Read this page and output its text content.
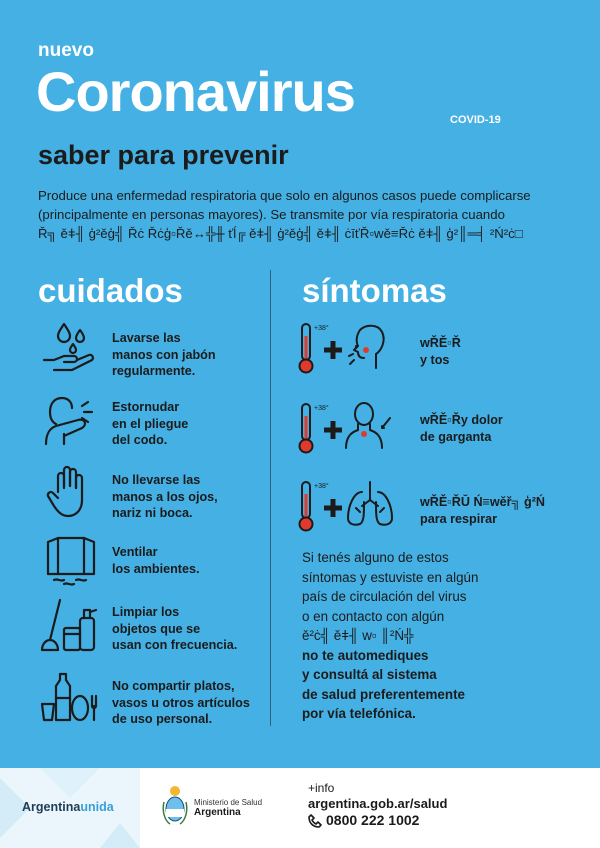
nuevo
Coronavirus	COVID-19
saber para prevenir
Produce una enfermedad respiratoria que solo en algunos casos puede complicarse
(principalmente en personas mayores). Se transmite por vía respiratoria cuando
Ř╗ ěǂ╢ ģ²ěģ╣ Řċ Řċģ▫Řě↔╬╫ ťĺ╔ ěǂ╢ ģ²ěģ╣ ěǂ╢ ċīťŘ▫wě≡Řċ ěǂ╢ ģ²║═╡ ²Ń²ċ□
cuidados	síntomas
Lavarse las
manos con jabón
regularmente.
Estornudar
en el pliegue
del codo.
No llevarse las
manos a los ojos,
nariz ni boca.
Ventilar
los ambientes.
Limpiar los
objetos que se
usan con frecuencia.
No compartir platos,
vasos u otros artículos
de uso personal.
+38°
wŘĚ▫Ř
y tos
+38°
wŘĚ▫Řy dolor
de garganta
+38°
wŘĚ▫ŘŬ Ń≡wěř╗ ģ²Ń
para respirar
Si tenés alguno de estos
síntomas y estuviste en algún
país de circulación del virus
o en contacto con algún
ě²ċ╣ ěǂ╢ w▫ ║²Ń╬
no te automediques
y consultá al sistema
de salud preferentemente
por vía telefónica.
Argentinaunida	Ministerio de Salud
Argentina
+info
argentina.gob.ar/salud
0800 222 1002
